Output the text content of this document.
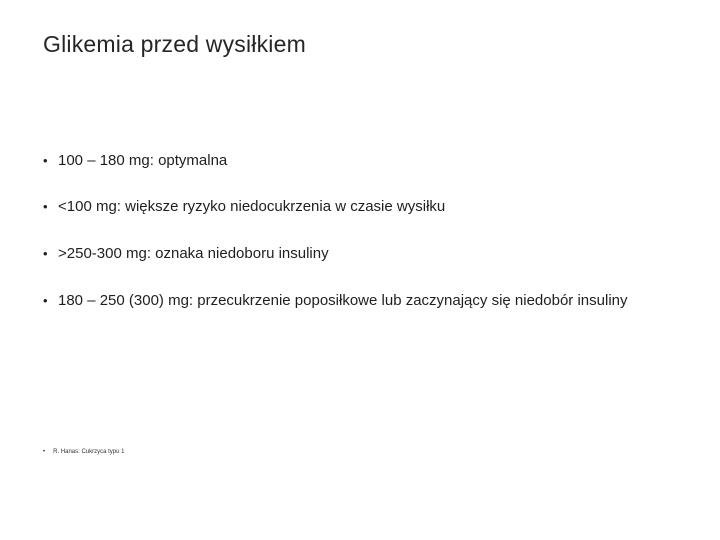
Glikemia przed wysiłkiem
• 100 – 180 mg: optymalna
• <100 mg: większe ryzyko niedocukrzenia w czasie wysiłku
• >250-300 mg: oznaka niedoboru insuliny
• 180 – 250 (300) mg: przecukrzenie poposiłkowe lub zaczynający się niedobór insuliny
• R. Hanas: Cukrzyca typu 1
